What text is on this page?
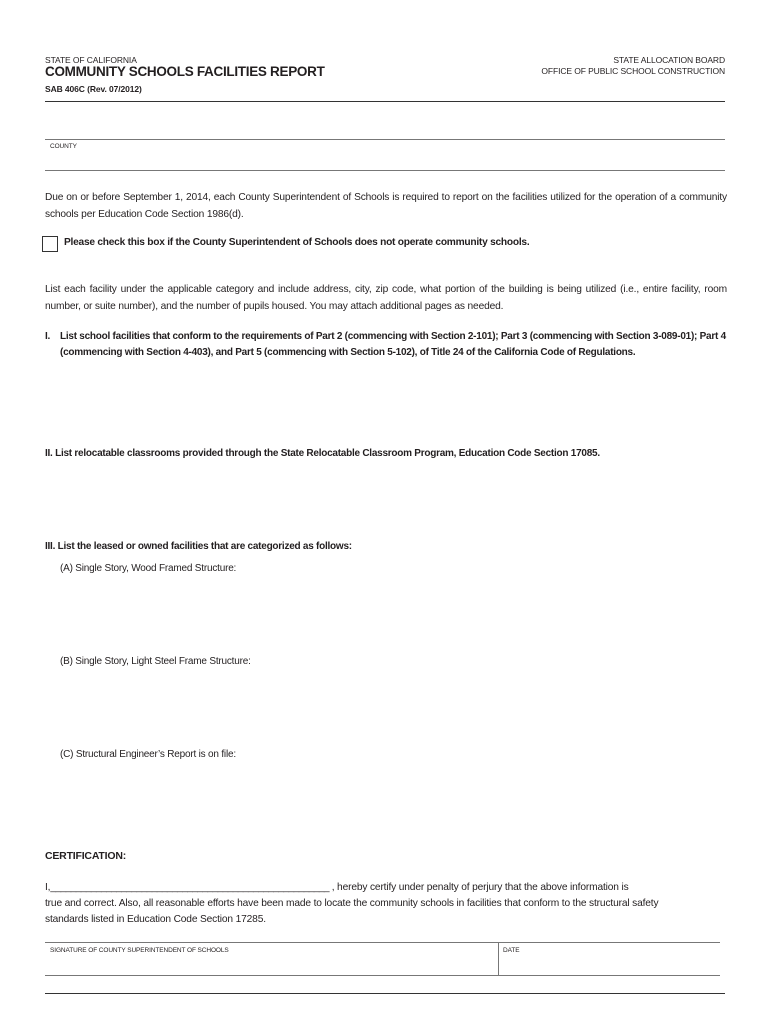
STATE OF CALIFORNIA
COMMUNITY SCHOOLS FACILITIES REPORT
SAB 406C (Rev. 07/2012)
STATE ALLOCATION BOARD
OFFICE OF PUBLIC SCHOOL CONSTRUCTION
COUNTY
Due on or before September 1, 2014, each County Superintendent of Schools is required to report on the facilities utilized for the operation of a community schools per Education Code Section 1986(d).
Please check this box if the County Superintendent of Schools does not operate community schools.
List each facility under the applicable category and include address, city, zip code, what portion of the building is being utilized (i.e., entire facility, room number, or suite number), and the number of pupils housed. You may attach additional pages as needed.
I. List school facilities that conform to the requirements of Part 2 (commencing with Section 2-101); Part 3 (commencing with Section 3-089-01); Part 4 (commencing with Section 4-403), and Part 5 (commencing with Section 5-102), of Title 24 of the California Code of Regulations.
II. List relocatable classrooms provided through the State Relocatable Classroom Program, Education Code Section 17085.
III. List the leased or owned facilities that are categorized as follows:
(A) Single Story, Wood Framed Structure:
(B) Single Story, Light Steel Frame Structure:
(C) Structural Engineer’s Report is on file:
CERTIFICATION:
I,_______________________________________________________ , hereby certify under penalty of perjury that the above information is
true and correct. Also, all reasonable efforts have been made to locate the community schools in facilities that conform to the structural safety
standards listed in Education Code Section 17285.
SIGNATURE OF COUNTY SUPERINTENDENT OF SCHOOLS	DATE
